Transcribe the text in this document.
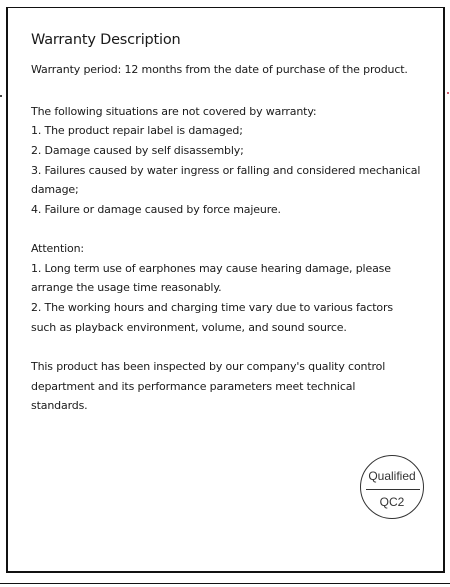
Warranty Description
Warranty period: 12 months from the date of purchase of the product.
The following situations are not covered by warranty:
1. The product repair label is damaged;
2. Damage caused by self disassembly;
3. Failures caused by water ingress or falling and considered mechanical
damage;
4. Failure or damage caused by force majeure.
Attention:
1. Long term use of earphones may cause hearing damage, please
arrange the usage time reasonably.
2. The working hours and charging time vary due to various factors
such as playback environment, volume, and sound source.
This product has been inspected by our company's quality control
department and its performance parameters meet technical
standards.
Qualified
QC2
